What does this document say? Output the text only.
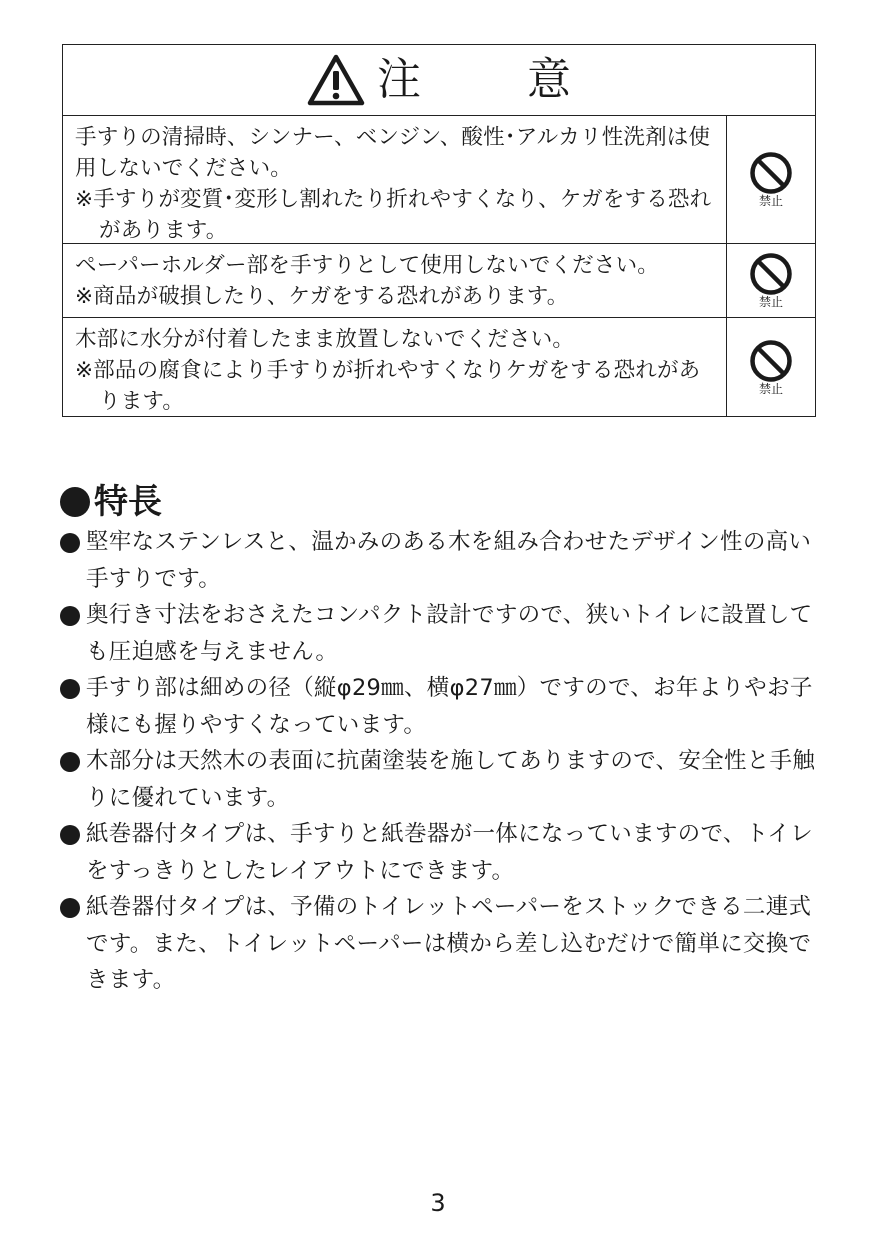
注 意

手すりの清掃時、シンナー、ベンジン、酸性･アルカリ性洗剤は使用しないでください。

※手すりが変質･変形し割れたり折れやすくなり、ケガをする恐れがあります。

禁止

ペーパーホルダー部を手すりとして使用しないでください。

※商品が破損したり、ケガをする恐れがあります。	禁止

木部に水分が付着したまま放置しないでください。

※部品の腐食により手すりが折れやすくなりケガをする恐れがあります。

禁止
特長
堅牢なステンレスと、温かみのある木を組み合わせたデザイン性の高い手すりです。
奥行き寸法をおさえたコンパクト設計ですので、狭いトイレに設置しても圧迫感を与えません。
手すり部は細めの径（縦φ29㎜、横φ27㎜）ですので、お年よりやお子様にも握りやすくなっています。
木部分は天然木の表面に抗菌塗装を施してありますので、安全性と手触りに優れています。
紙巻器付タイプは、手すりと紙巻器が一体になっていますので、トイレをすっきりとしたレイアウトにできます。
紙巻器付タイプは、予備のトイレットペーパーをストックできる二連式です。また、トイレットペーパーは横から差し込むだけで簡単に交換できます。
3
